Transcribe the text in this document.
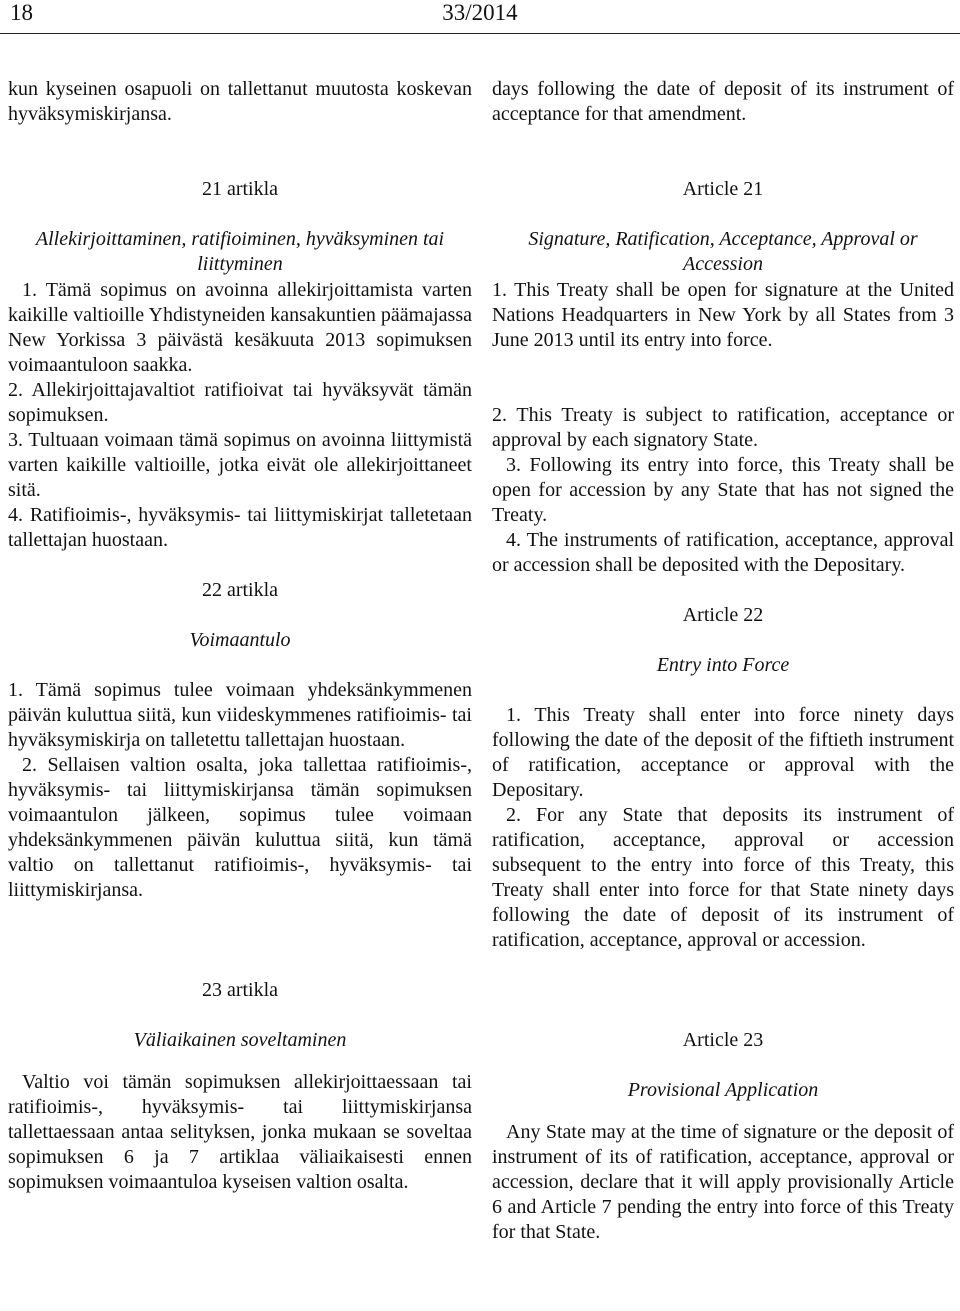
33/2014
18

kun kyseinen osapuoli on tallettanut muutosta koskevan hyväksymiskirjansa.

21 artikla

Allekirjoittaminen, ratifioiminen, hyväksyminen tai liittyminen

1. Tämä sopimus on avoinna allekirjoittamista varten kaikille valtioille Yhdistyneiden kansakuntien päämajassa New Yorkissa 3 päivästä kesäkuuta 2013 sopimuksen voimaantuloon saakka.

2. Allekirjoittajavaltiot ratifioivat tai hyväksyvät tämän sopimuksen.

3. Tultuaan voimaan tämä sopimus on avoinna liittymistä varten kaikille valtioille, jotka eivät ole allekirjoittaneet sitä.

4. Ratifioimis-, hyväksymis- tai liittymiskirjat talletetaan tallettajan huostaan.

22 artikla

Voimaantulo

1. Tämä sopimus tulee voimaan yhdeksänkymmenen päivän kuluttua siitä, kun viideskymmenes ratifioimis- tai hyväksymiskirja on talletettu tallettajan huostaan.

2. Sellaisen valtion osalta, joka tallettaa ratifioimis-, hyväksymis- tai liittymiskirjansa tämän sopimuksen voimaantulon jälkeen, sopimus tulee voimaan yhdeksänkymmenen päivän kuluttua siitä, kun tämä valtio on tallettanut ratifioimis-, hyväksymis- tai liittymiskirjansa.

23 artikla

Väliaikainen soveltaminen

Valtio voi tämän sopimuksen allekirjoittaessaan tai ratifioimis-, hyväksymis- tai liittymiskirjansa tallettaessaan antaa selityksen, jonka mukaan se soveltaa sopimuksen 6 ja 7 artiklaa väliaikaisesti ennen sopimuksen voimaantuloa kyseisen valtion osalta.

days following the date of deposit of its instrument of acceptance for that amendment.

Article 21

Signature, Ratification, Acceptance, Approval or Accession

1. This Treaty shall be open for signature at the United Nations Headquarters in New York by all States from 3 June 2013 until its entry into force.

2. This Treaty is subject to ratification, acceptance or approval by each signatory State.

3. Following its entry into force, this Treaty shall be open for accession by any State that has not signed the Treaty.

4. The instruments of ratification, acceptance, approval or accession shall be deposited with the Depositary.

Article 22

Entry into Force

1. This Treaty shall enter into force ninety days following the date of the deposit of the fiftieth instrument of ratification, acceptance or approval with the Depositary.

2. For any State that deposits its instrument of ratification, acceptance, approval or accession subsequent to the entry into force of this Treaty, this Treaty shall enter into force for that State ninety days following the date of deposit of its instrument of ratification, acceptance, approval or accession.

Article 23

Provisional Application

Any State may at the time of signature or the deposit of instrument of its of ratification, acceptance, approval or accession, declare that it will apply provisionally Article 6 and Article 7 pending the entry into force of this Treaty for that State.
